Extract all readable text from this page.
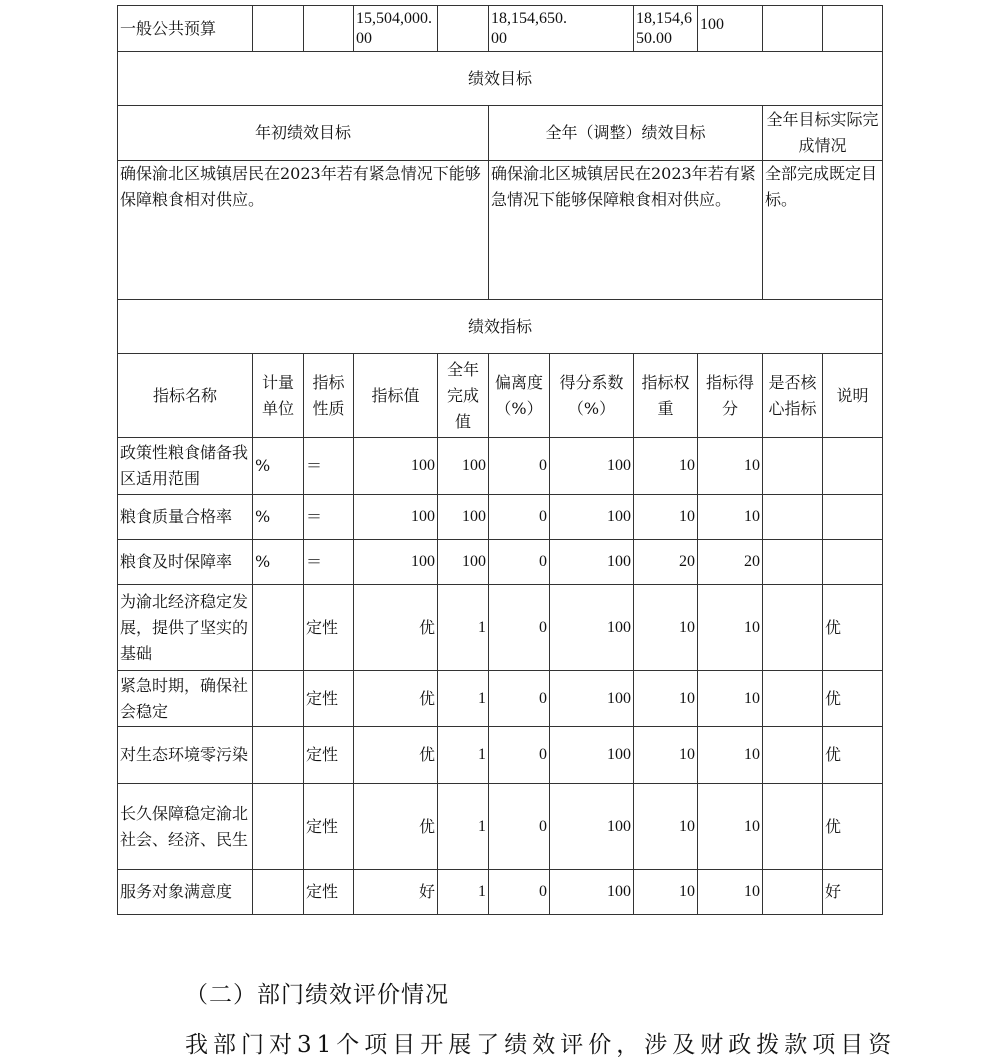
一般公共预算			15,504,000.00		18,154,650.00		18,154,650.00	100		
绩效目标										
年初绩效目标					全年（调整）绩效目标				全年目标实际完成情况	
确保渝北区城镇居民在2023年若有紧急情况下能够保障粮食相对供应。					确保渝北区城镇居民在2023年若有紧急情况下能够保障粮食相对供应。				全部完成既定目标。	
绩效指标										
指标名称	计量单位	指标性质	指标值	全年完成值	偏离度（%）	得分系数（%）	指标权重	指标得分	是否核心指标	说明
政策性粮食储备我区适用范围	%	＝	100	100	0	100	10	10		
粮食质量合格率	%	＝	100	100	0	100	10	10		
粮食及时保障率	%	＝	100	100	0	100	20	20		
为渝北经济稳定发展，提供了坚实的基础		定性	优	1	0	100	10	10		优
紧急时期，确保社会稳定		定性	优	1	0	100	10	10		优
对生态环境零污染		定性	优	1	0	100	10	10		优
长久保障稳定渝北社会、经济、民生		定性	优	1	0	100	10	10		优
服务对象满意度		定性	好	1	0	100	10	10		好
（二）部门绩效评价情况
我部门对31个项目开展了绩效评价，涉及财政拨款项目资
